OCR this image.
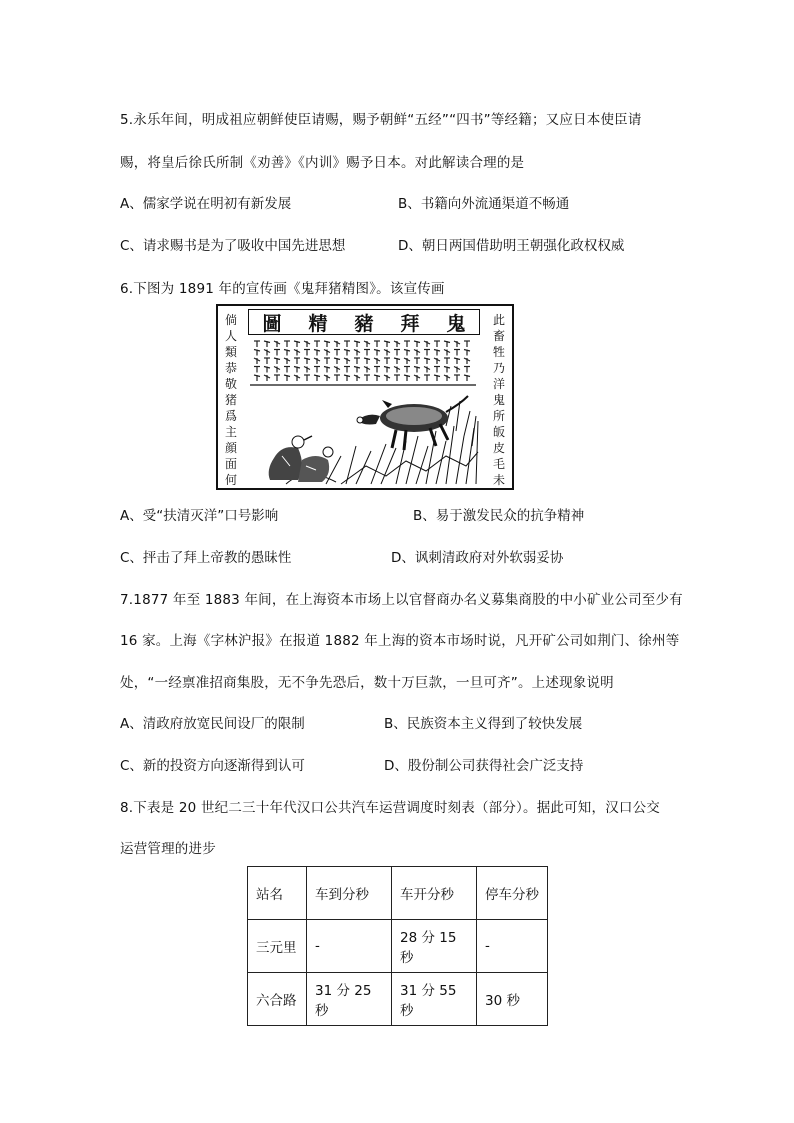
5.永乐年间，明成祖应朝鲜使臣请赐，赐予朝鲜“五经”“四书”等经籍；又应日本使臣请
赐，将皇后徐氏所制《劝善》《内训》赐予日本。对此解读合理的是
A、儒家学说在明初有新发展	B、书籍向外流通渠道不畅通
C、请求赐书是为了吸收中国先进思想	D、朝日两国借助明王朝强化政权权威
6.下图为 1891 年的宣传画《鬼拜猪精图》。该宣传画
圖 精 豬 拜 鬼
倘
人
類
恭
敬
猪
爲
主
顔
面
何
此
畜
牲
乃
洋
鬼
所
皈
皮
毛
未
A、受“扶清灭洋”口号影响	B、易于激发民众的抗争精神
C、抨击了拜上帝教的愚昧性	D、讽刺清政府对外软弱妥协
7.1877 年至 1883 年间，在上海资本市场上以官督商办名义募集商股的中小矿业公司至少有
16 家。上海《字林沪报》在报道 1882 年上海的资本市场时说，凡开矿公司如荆门、徐州等
处，“一经禀准招商集股，无不争先恐后，数十万巨款，一旦可齐”。上述现象说明
A、清政府放宽民间设厂的限制	B、民族资本主义得到了较快发展
C、新的投资方向逐渐得到认可	D、股份制公司获得社会广泛支持
8.下表是 20 世纪二三十年代汉口公共汽车运营调度时刻表（部分）。据此可知，汉口公交
运营管理的进步
站名	车到分秒	车开分秒	停车分秒
三元里	-	28 分 15 秒	-
六合路	31 分 25 秒	31 分 55 秒	30 秒
